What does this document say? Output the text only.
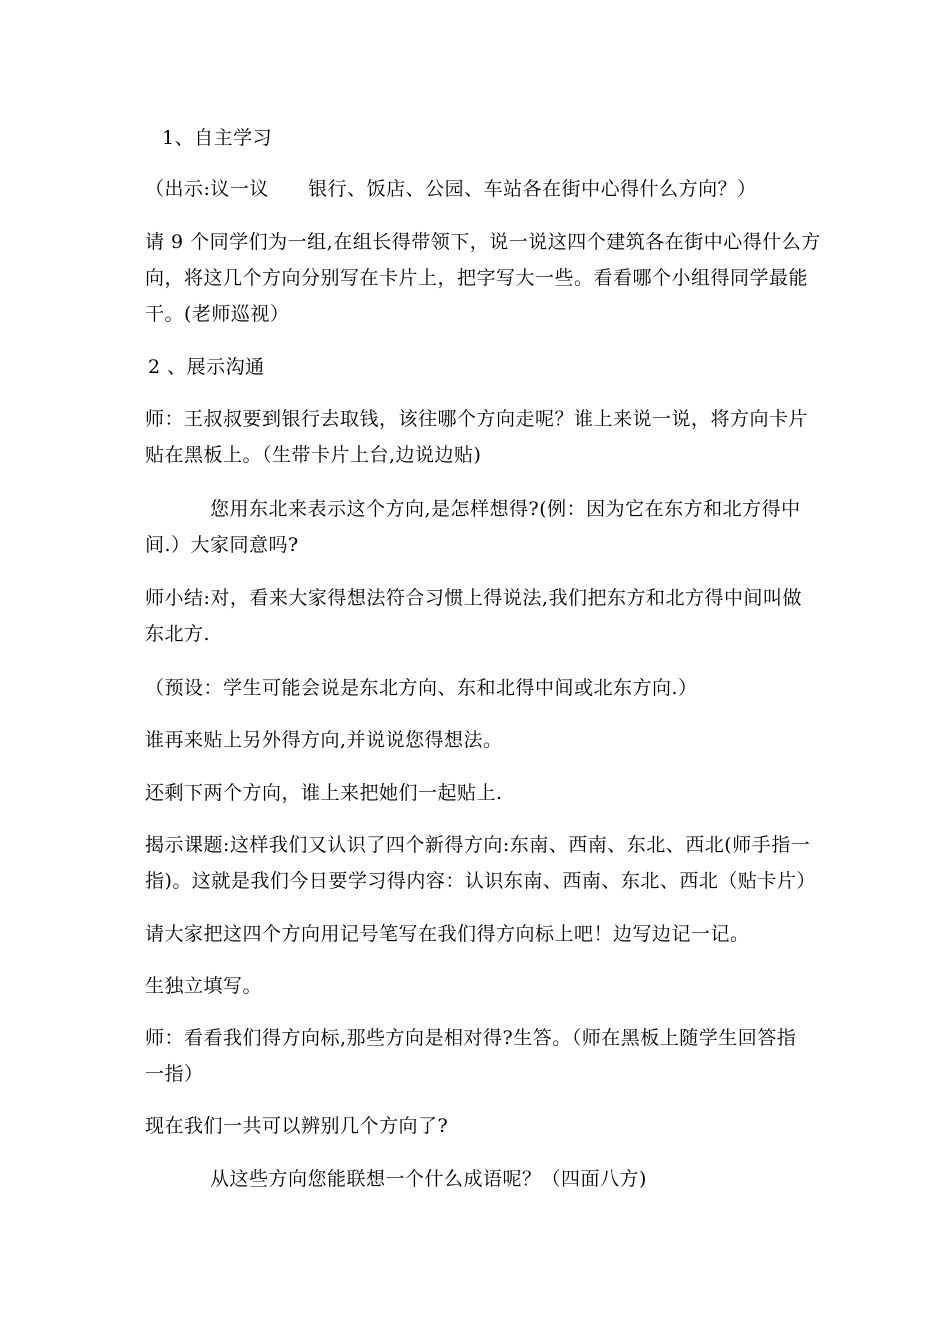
1、自主学习
（出示:议一议      银行、饭店、公园、车站各在街中心得什么方向？）
请 9 个同学们为一组,在组长得带领下，说一说这四个建筑各在街中心得什么方
向，将这几个方向分别写在卡片上，把字写大一些。看看哪个小组得同学最能
干。(老师巡视）
2 、展示沟通
师：王叔叔要到银行去取钱，该往哪个方向走呢？谁上来说一说，将方向卡片
贴在黑板上。（生带卡片上台,边说边贴)
您用东北来表示这个方向,是怎样想得?(例：因为它在东方和北方得中
间.）大家同意吗?
师小结:对，看来大家得想法符合习惯上得说法,我们把东方和北方得中间叫做
东北方.
（预设：学生可能会说是东北方向、东和北得中间或北东方向.）
谁再来贴上另外得方向,并说说您得想法。
还剩下两个方向，谁上来把她们一起贴上.
揭示课题:这样我们又认识了四个新得方向:东南、西南、东北、西北(师手指一
指)。这就是我们今日要学习得内容：认识东南、西南、东北、西北（贴卡片）
请大家把这四个方向用记号笔写在我们得方向标上吧！边写边记一记。
生独立填写。
师：看看我们得方向标,那些方向是相对得?生答。（师在黑板上随学生回答指
一指）
现在我们一共可以辨别几个方向了?
从这些方向您能联想一个什么成语呢？（四面八方)
